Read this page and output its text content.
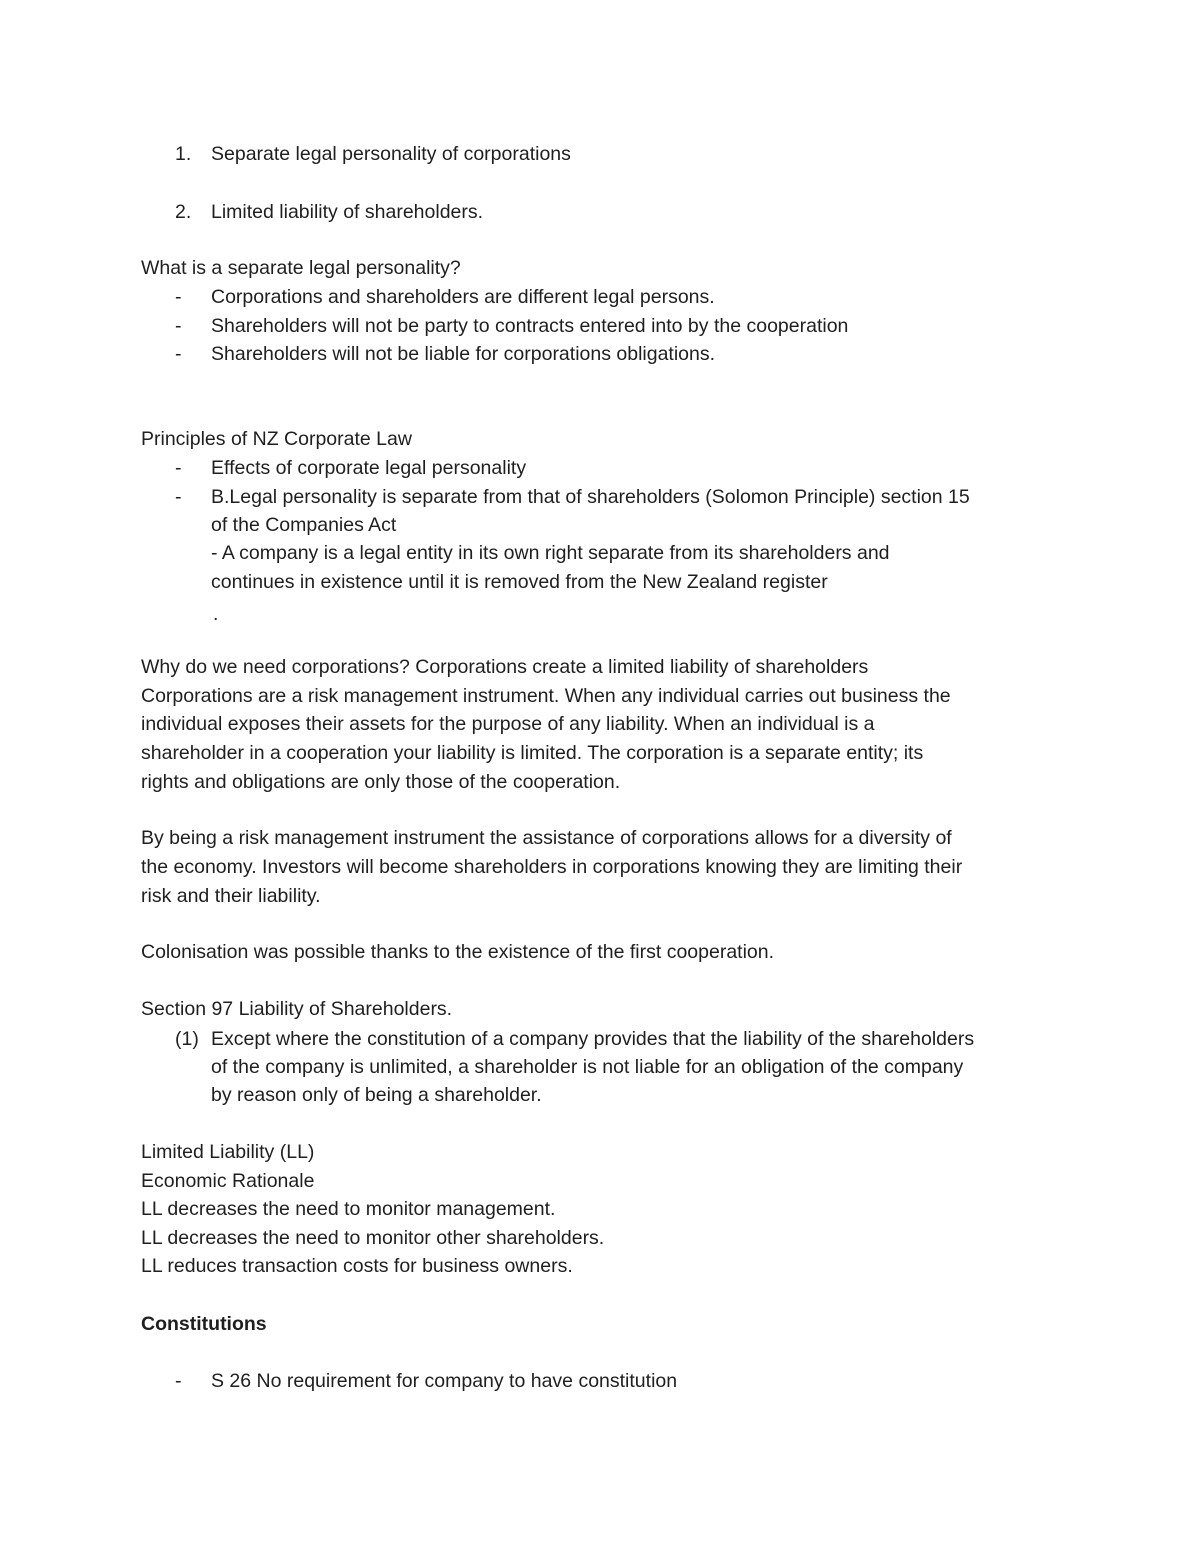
1. Separate legal personality of corporations
2. Limited liability of shareholders.
What is a separate legal personality?
- Corporations and shareholders are different legal persons.
- Shareholders will not be party to contracts entered into by the cooperation
- Shareholders will not be liable for corporations obligations.
Principles of NZ Corporate Law
- Effects of corporate legal personality
- B.Legal personality is separate from that of shareholders (Solomon Principle) section 15
of the Companies Act
- A company is a legal entity in its own right separate from its shareholders and
continues in existence until it is removed from the New Zealand register
.
Why do we need corporations? Corporations create a limited liability of shareholders
Corporations are a risk management instrument. When any individual carries out business the
individual exposes their assets for the purpose of any liability. When an individual is a
shareholder in a cooperation your liability is limited. The corporation is a separate entity; its
rights and obligations are only those of the cooperation.
By being a risk management instrument the assistance of corporations allows for a diversity of
the economy. Investors will become shareholders in corporations knowing they are limiting their
risk and their liability.
Colonisation was possible thanks to the existence of the first cooperation.
Section 97 Liability of Shareholders.
(1) Except where the constitution of a company provides that the liability of the shareholders
of the company is unlimited, a shareholder is not liable for an obligation of the company
by reason only of being a shareholder.
Limited Liability (LL)
Economic Rationale
LL decreases the need to monitor management.
LL decreases the need to monitor other shareholders.
LL reduces transaction costs for business owners.
Constitutions
- S 26 No requirement for company to have constitution
